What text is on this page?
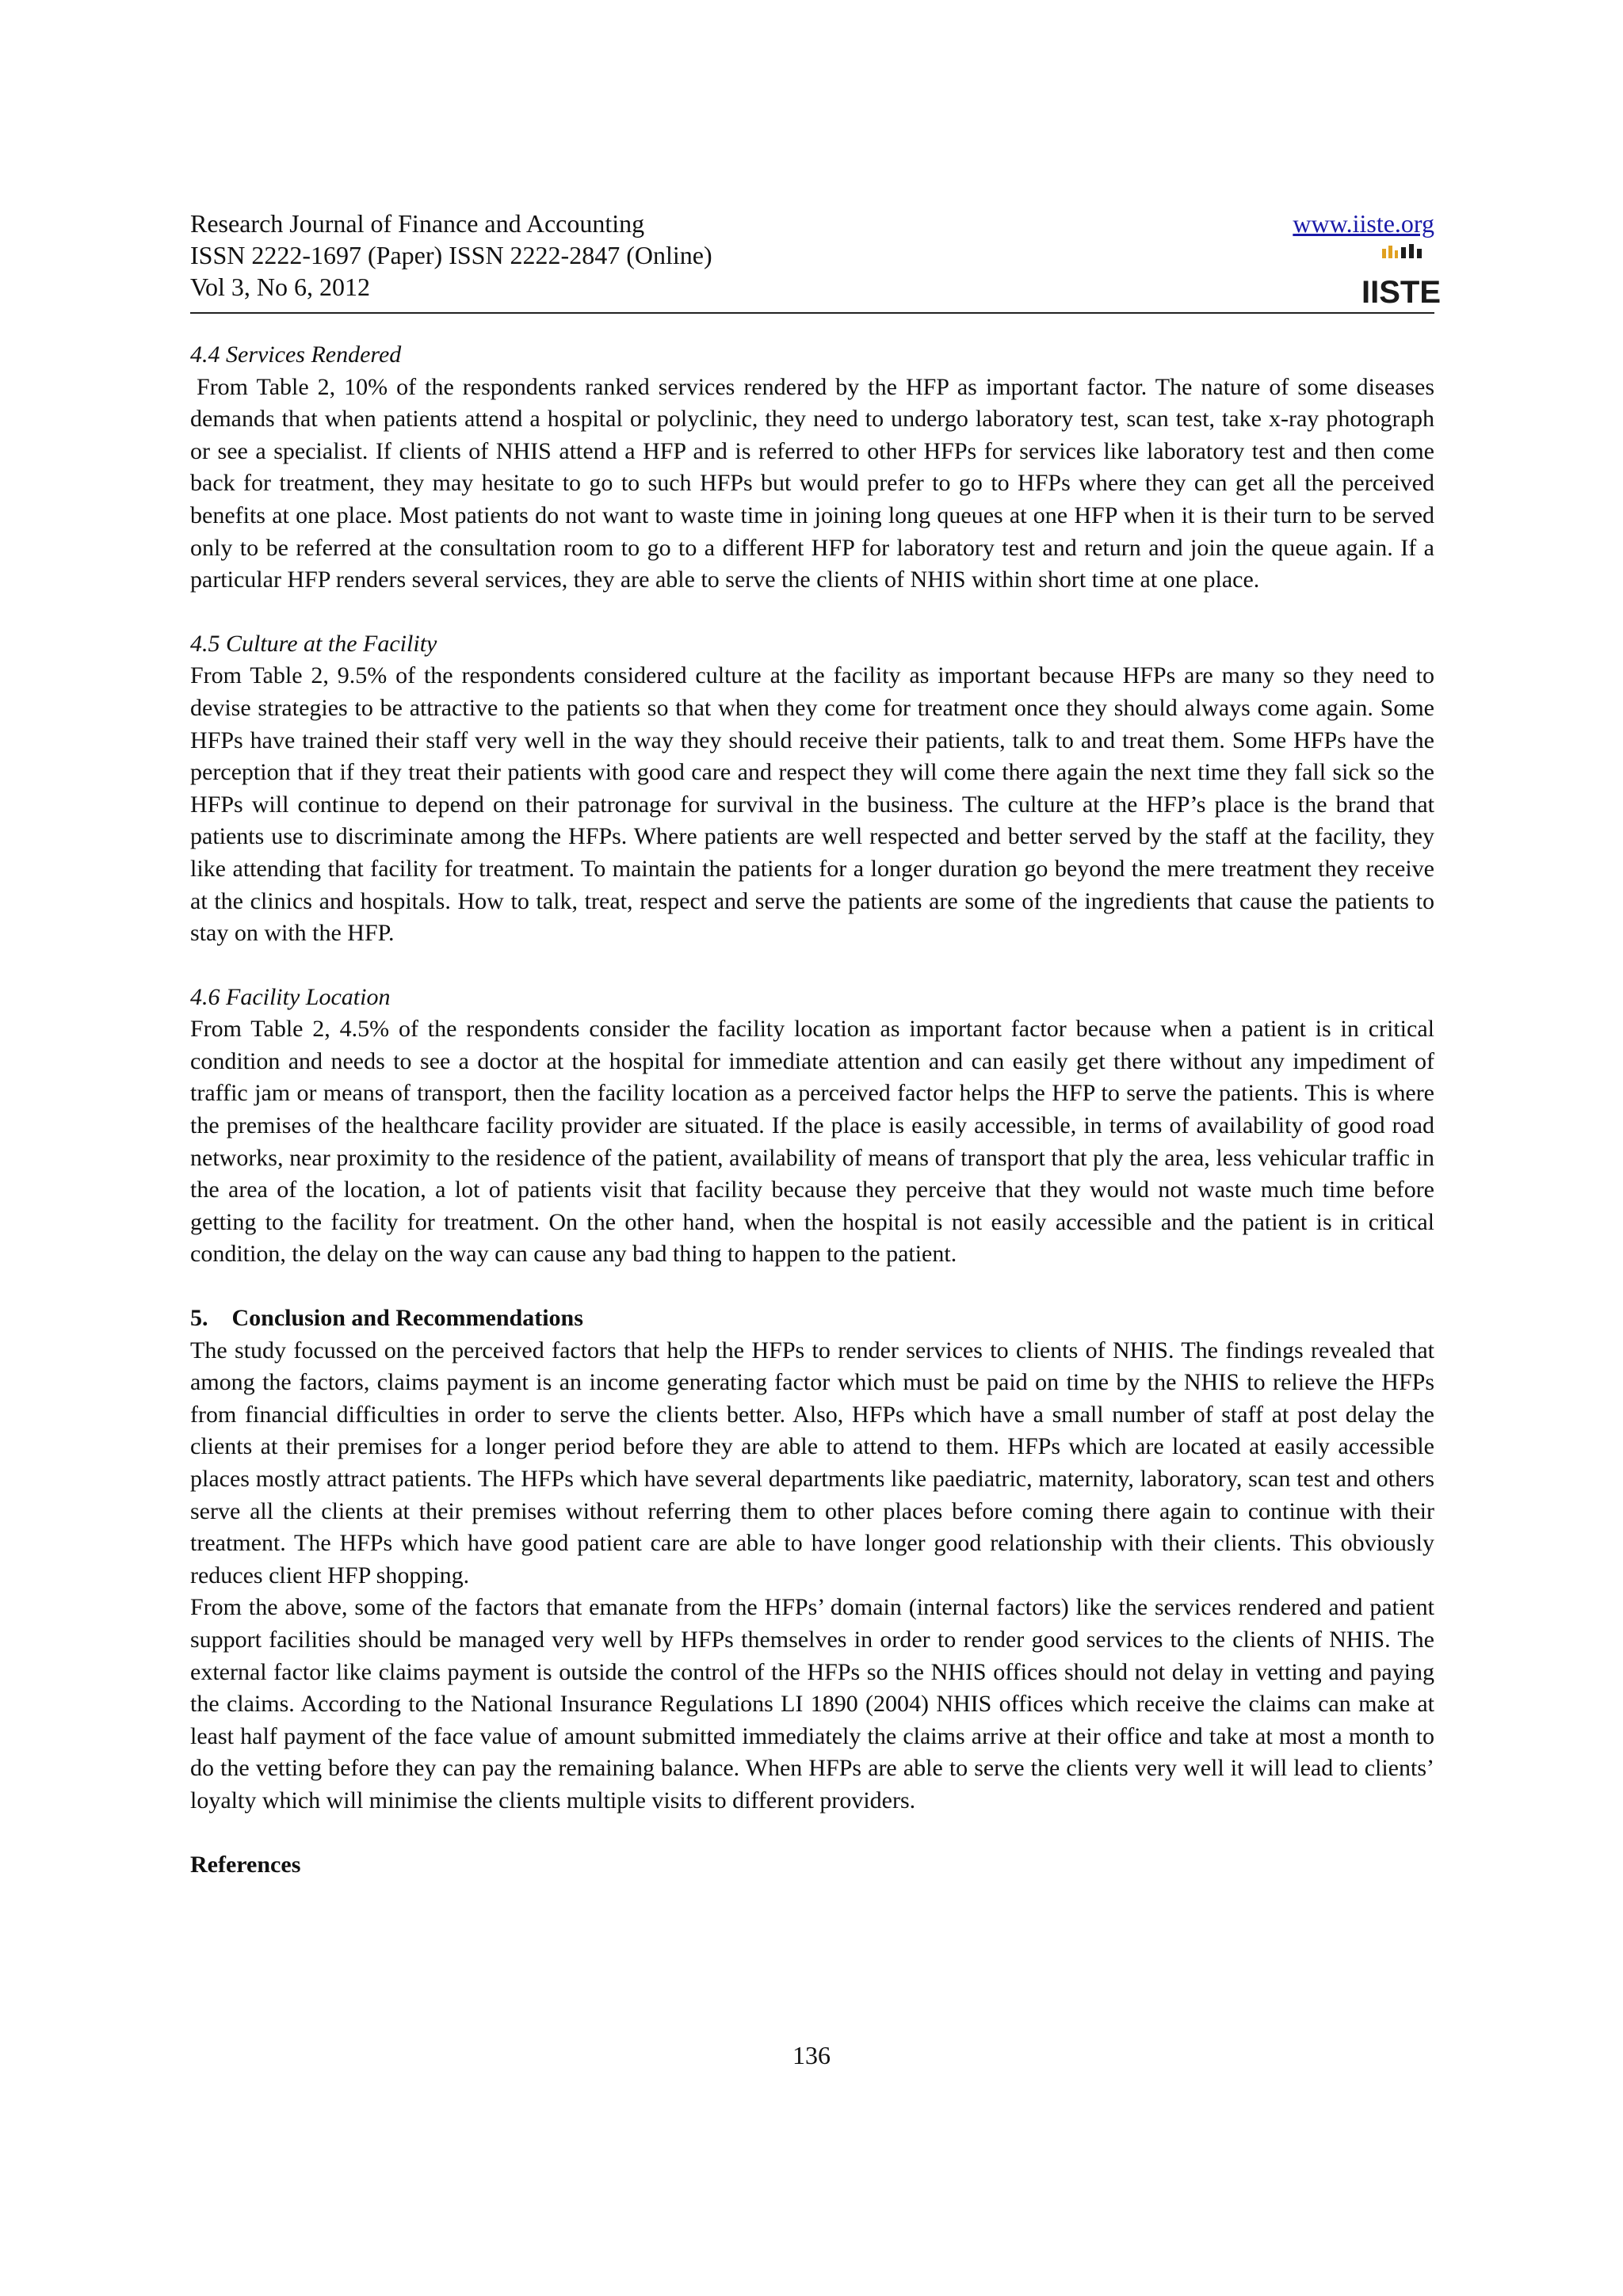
Research Journal of Finance and Accounting
ISSN 2222-1697 (Paper) ISSN 2222-2847 (Online)
Vol 3, No 6, 2012
www.iiste.org
IISTE
4.4 Services Rendered

From Table 2, 10% of the respondents ranked services rendered by the HFP as important factor. The nature of some diseases demands that when patients attend a hospital or polyclinic, they need to undergo laboratory test, scan test, take x-ray photograph or see a specialist. If clients of NHIS attend a HFP and is referred to other HFPs for services like laboratory test and then come back for treatment, they may hesitate to go to such HFPs but would prefer to go to HFPs where they can get all the perceived benefits at one place. Most patients do not want to waste time in joining long queues at one HFP when it is their turn to be served only to be referred at the consultation room to go to a different HFP for laboratory test and return and join the queue again. If a particular HFP renders several services, they are able to serve the clients of NHIS within short time at one place.

4.5 Culture at the Facility

From Table 2, 9.5% of the respondents considered culture at the facility as important because HFPs are many so they need to devise strategies to be attractive to the patients so that when they come for treatment once they should always come again. Some HFPs have trained their staff very well in the way they should receive their patients, talk to and treat them. Some HFPs have the perception that if they treat their patients with good care and respect they will come there again the next time they fall sick so the HFPs will continue to depend on their patronage for survival in the business. The culture at the HFP’s place is the brand that patients use to discriminate among the HFPs. Where patients are well respected and better served by the staff at the facility, they like attending that facility for treatment. To maintain the patients for a longer duration go beyond the mere treatment they receive at the clinics and hospitals. How to talk, treat, respect and serve the patients are some of the ingredients that cause the patients to stay on with the HFP.

4.6 Facility Location

From Table 2, 4.5% of the respondents consider the facility location as important factor because when a patient is in critical condition and needs to see a doctor at the hospital for immediate attention and can easily get there without any impediment of traffic jam or means of transport, then the facility location as a perceived factor helps the HFP to serve the patients. This is where the premises of the healthcare facility provider are situated. If the place is easily accessible, in terms of availability of good road networks, near proximity to the residence of the patient, availability of means of transport that ply the area, less vehicular traffic in the area of the location, a lot of patients visit that facility because they perceive that they would not waste much time before getting to the facility for treatment. On the other hand, when the hospital is not easily accessible and the patient is in critical condition, the delay on the way can cause any bad thing to happen to the patient.

5.    Conclusion and Recommendations

The study focussed on the perceived factors that help the HFPs to render services to clients of NHIS. The findings revealed that among the factors, claims payment is an income generating factor which must be paid on time by the NHIS to relieve the HFPs from financial difficulties in order to serve the clients better. Also, HFPs which have a small number of staff at post delay the clients at their premises for a longer period before they are able to attend to them. HFPs which are located at easily accessible places mostly attract patients. The HFPs which have several departments like paediatric, maternity, laboratory, scan test and others serve all the clients at their premises without referring them to other places before coming there again to continue with their treatment. The HFPs which have good patient care are able to have longer good relationship with their clients. This obviously reduces client HFP shopping.

From the above, some of the factors that emanate from the HFPs’ domain (internal factors) like the services rendered and patient support facilities should be managed very well by HFPs themselves in order to render good services to the clients of NHIS. The external factor like claims payment is outside the control of the HFPs so the NHIS offices should not delay in vetting and paying the claims. According to the National Insurance Regulations LI 1890 (2004) NHIS offices which receive the claims can make at least half payment of the face value of amount submitted immediately the claims arrive at their office and take at most a month to do the vetting before they can pay the remaining balance. When HFPs are able to serve the clients very well it will lead to clients’ loyalty which will minimise the clients multiple visits to different providers.

References
136
